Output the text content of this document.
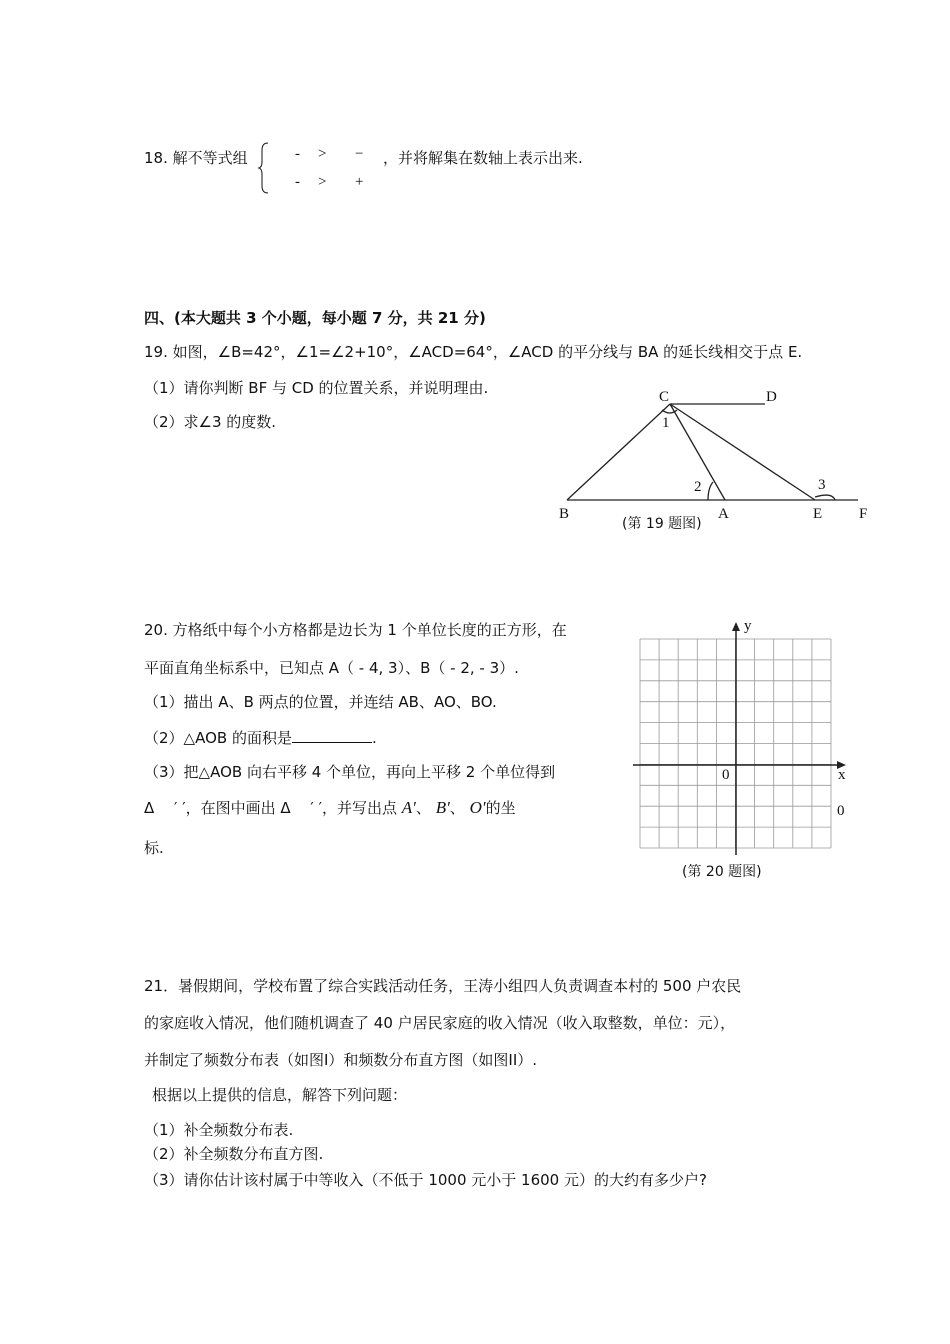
18. 解不等式组	- > −
- > +
，并将解集在数轴上表示出来.
四、(本大题共 3 个小题，每小题 7 分，共 21 分)
19. 如图，∠B=42°，∠1=∠2+10°，∠ACD=64°，∠ACD 的平分线与 BA 的延长线相交于点 E.
（1）请你判断 BF 与 CD 的位置关系，并说明理由.
（2）求∠3 的度数.
C	D
B	A	E F
1
2	3
(第 19 题图)
20. 方格纸中每个小方格都是边长为 1 个单位长度的正方形，在
平面直角坐标系中，已知点 A（ - 4, 3）、B（ - 2, - 3）.
（1）描出 A、B 两点的位置，并连结 AB、AO、BO.
（2）△AOB 的面积是	.
（3）把△AOB 向右平移 4 个单位，再向上平移 2 个单位得到
Δ　 ′ ′，在图中画出 Δ　 ′ ′，并写出点 A′、 B′、 O′的坐
标.
x
y
0
0
(第 20 题图)
21．暑假期间，学校布置了综合实践活动任务，王涛小组四人负责调查本村的 500 户农民
的家庭收入情况，他们随机调查了 40 户居民家庭的收入情况（收入取整数，单位：元），
并制定了频数分布表（如图I）和频数分布直方图（如图II）.
根据以上提供的信息，解答下列问题：
（1）补全频数分布表.
（2）补全频数分布直方图.
（3）请你估计该村属于中等收入（不低于 1000 元小于 1600 元）的大约有多少户?
